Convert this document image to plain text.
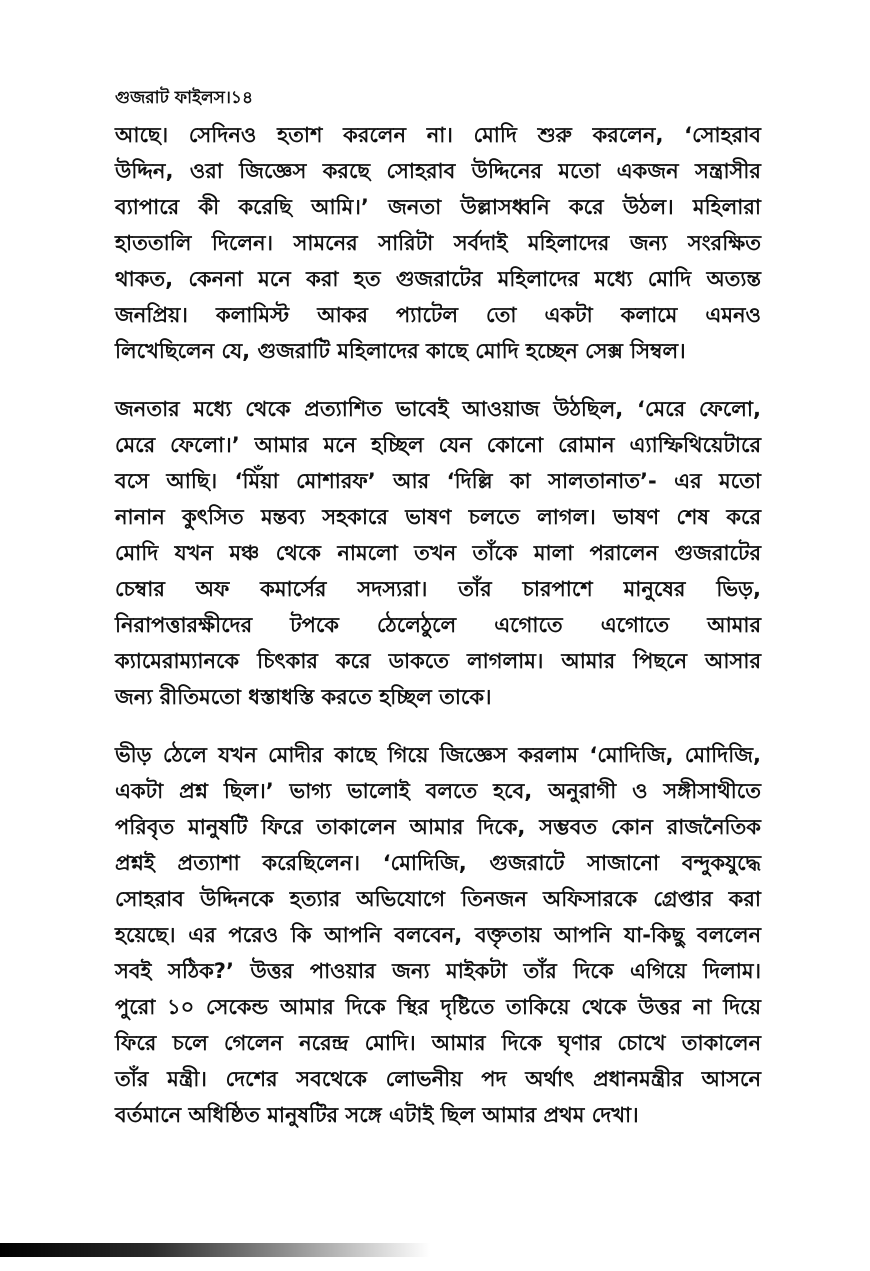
গুজরাট ফাইলস।১৪
আছে। সেদিনও হতাশ করলেন না। মোদি শুরু করলেন, ‘সোহরাব
উদ্দিন, ওরা জিজ্ঞেস করছে সোহরাব উদ্দিনের মতো একজন সন্ত্রাসীর
ব্যাপারে কী করেছি আমি।’ জনতা উল্লাসধ্বনি করে উঠল। মহিলারা
হাততালি দিলেন। সামনের সারিটা সর্বদাই মহিলাদের জন্য সংরক্ষিত
থাকত, কেননা মনে করা হত গুজরাটের মহিলাদের মধ্যে মোদি অত্যন্ত
জনপ্রিয়। কলামিস্ট আকর প্যাটেল তো একটা কলামে এমনও
লিখেছিলেন যে, গুজরাটি মহিলাদের কাছে মোদি হচ্ছেন সেক্স সিম্বল।
জনতার মধ্যে থেকে প্রত্যাশিত ভাবেই আওয়াজ উঠছিল, ‘মেরে ফেলো,
মেরে ফেলো।’ আমার মনে হচ্ছিল যেন কোনো রোমান এ্যাম্ফিথিয়েটারে
বসে আছি। ‘মিঁয়া মোশারফ’ আর ‘দিল্লি কা সালতানাত’- এর মতো
নানান কুৎসিত মন্তব্য সহকারে ভাষণ চলতে লাগল। ভাষণ শেষ করে
মোদি যখন মঞ্চ থেকে নামলো তখন তাঁকে মালা পরালেন গুজরাটের
চেম্বার অফ কমার্সের সদস্যরা। তাঁর চারপাশে মানুষের ভিড়,
নিরাপত্তারক্ষীদের টপকে ঠেলেঠুলে এগোতে এগোতে আমার
ক্যামেরাম্যানকে চিৎকার করে ডাকতে লাগলাম। আমার পিছনে আসার
জন্য রীতিমতো ধস্তাধস্তি করতে হচ্ছিল তাকে।
ভীড় ঠেলে যখন মোদীর কাছে গিয়ে জিজ্ঞেস করলাম ‘মোদিজি, মোদিজি,
একটা প্রশ্ন ছিল।’ ভাগ্য ভালোই বলতে হবে, অনুরাগী ও সঙ্গীসাথীতে
পরিবৃত মানুষটি ফিরে তাকালেন আমার দিকে, সম্ভবত কোন রাজনৈতিক
প্রশ্নই প্রত্যাশা করেছিলেন। ‘মোদিজি, গুজরাটে সাজানো বন্দুকযুদ্ধে
সোহরাব উদ্দিনকে হত্যার অভিযোগে তিনজন অফিসারকে গ্রেপ্তার করা
হয়েছে। এর পরেও কি আপনি বলবেন, বক্তৃতায় আপনি যা-কিছু বললেন
সবই সঠিক?’ উত্তর পাওয়ার জন্য মাইকটা তাঁর দিকে এগিয়ে দিলাম।
পুরো ১০ সেকেন্ড আমার দিকে স্থির দৃষ্টিতে তাকিয়ে থেকে উত্তর না দিয়ে
ফিরে চলে গেলেন নরেন্দ্র মোদি। আমার দিকে ঘৃণার চোখে তাকালেন
তাঁর মন্ত্রী। দেশের সবথেকে লোভনীয় পদ অর্থাৎ প্রধানমন্ত্রীর আসনে
বর্তমানে অধিষ্ঠিত মানুষটির সঙ্গে এটাই ছিল আমার প্রথম দেখা।
